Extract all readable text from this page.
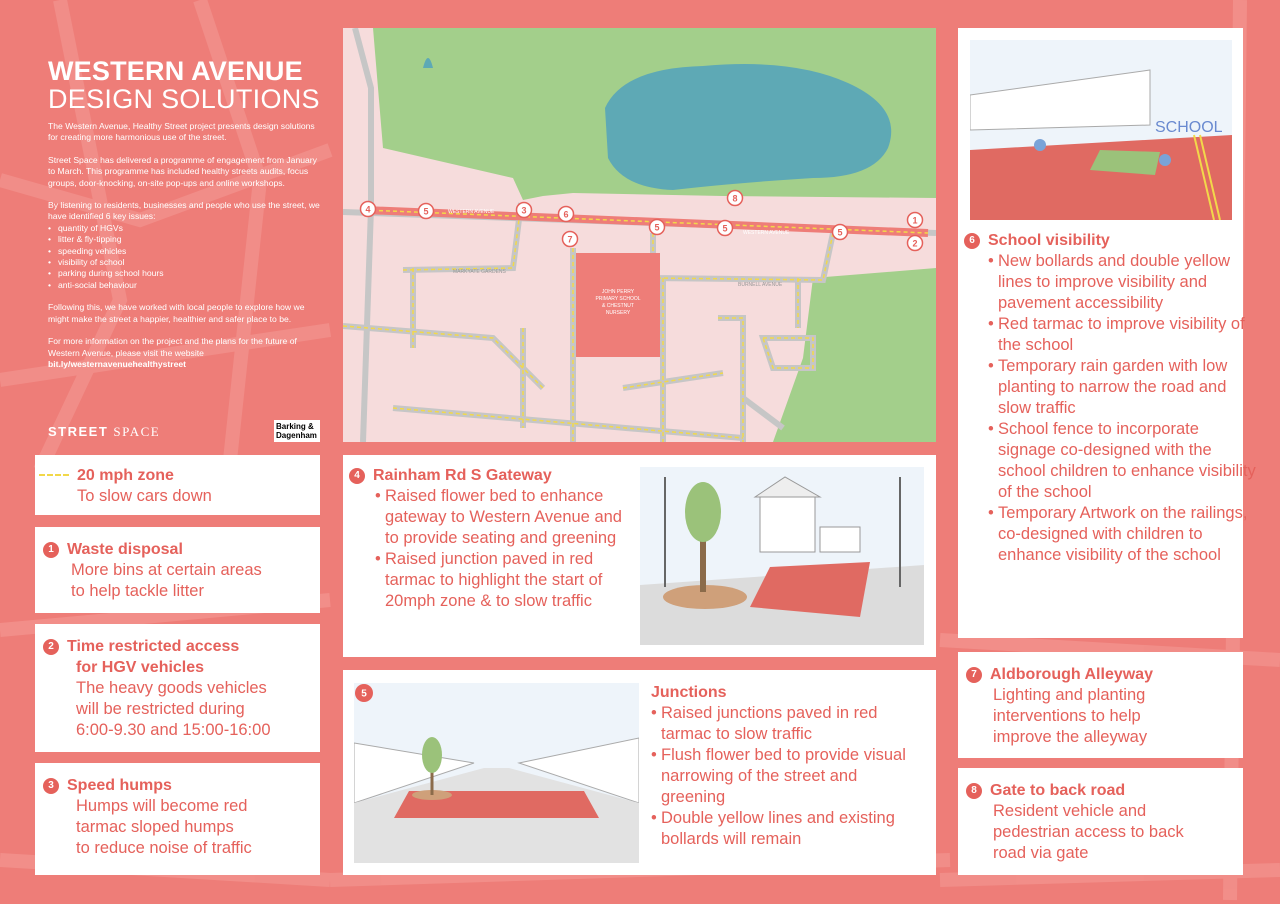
WESTERN AVENUE
DESIGN SOLUTIONS

The Western Avenue, Healthy Street project presents design solutions for creating more harmonious use of the street.

Street Space has delivered a programme of engagement from January to March. This programme has included healthy streets audits, focus groups, door-knocking, on-site pop-ups and online workshops.

By listening to residents, businesses and people who use the street, we have identified 6 key issues:

• quantity of HGVs
• litter & fly-tipping
• speeding vehicles
• visibility of school
• parking during school hours
• anti-social behaviour

Following this, we have worked with local people to explore how we might make the street a happier, healthier and safer place to be.

For more information on the project and the plans for the future of Western Avenue, please visit the website
bit.ly/westernavenuehealthystreet

STREET SPACE	Barking &
Dagenham
WESTERN AVENUE
WESTERN AVENUE
MARKYATE GARDENS
BURNELL AVENUE
JOHN PERRY
PRIMARY SCHOOL
& CHESTNUT
NURSERY
4	5	3	6
7
5
8
5	5
1
2
20 mph zone
To slow cars down
1 Waste disposal
More bins at certain areas
to help tackle litter
2 Time restricted access
for HGV vehicles
The heavy goods vehicles
will be restricted during
6:00-9.30 and 15:00-16:00
3 Speed humps
Humps will become red
tarmac sloped humps
to reduce noise of traffic
4 Rainham Rd S Gateway
• Raised flower bed to enhance gateway to Western Avenue and to provide seating and greening
• Raised junction paved in red tarmac to highlight the start of 20mph zone & to slow traffic
5	Junctions
• Raised junctions paved in red tarmac to slow traffic
• Flush flower bed to provide visual narrowing of the street and greening
• Double yellow lines and existing bollards will remain
SCHOOL
6 School visibility
• New bollards and double yellow lines to improve visibility and pavement accessibility
• Red tarmac to improve visibility of the school
• Temporary rain garden with low planting to narrow the road and slow traffic
• School fence to incorporate signage co-designed with the school children to enhance visibility of the school
• Temporary Artwork on the railings, co-designed with children to enhance visibility of the school
7 Aldborough Alleyway
Lighting and planting
interventions to help
improve the alleyway
8 Gate to back road
Resident vehicle and
pedestrian access to back
road via gate
